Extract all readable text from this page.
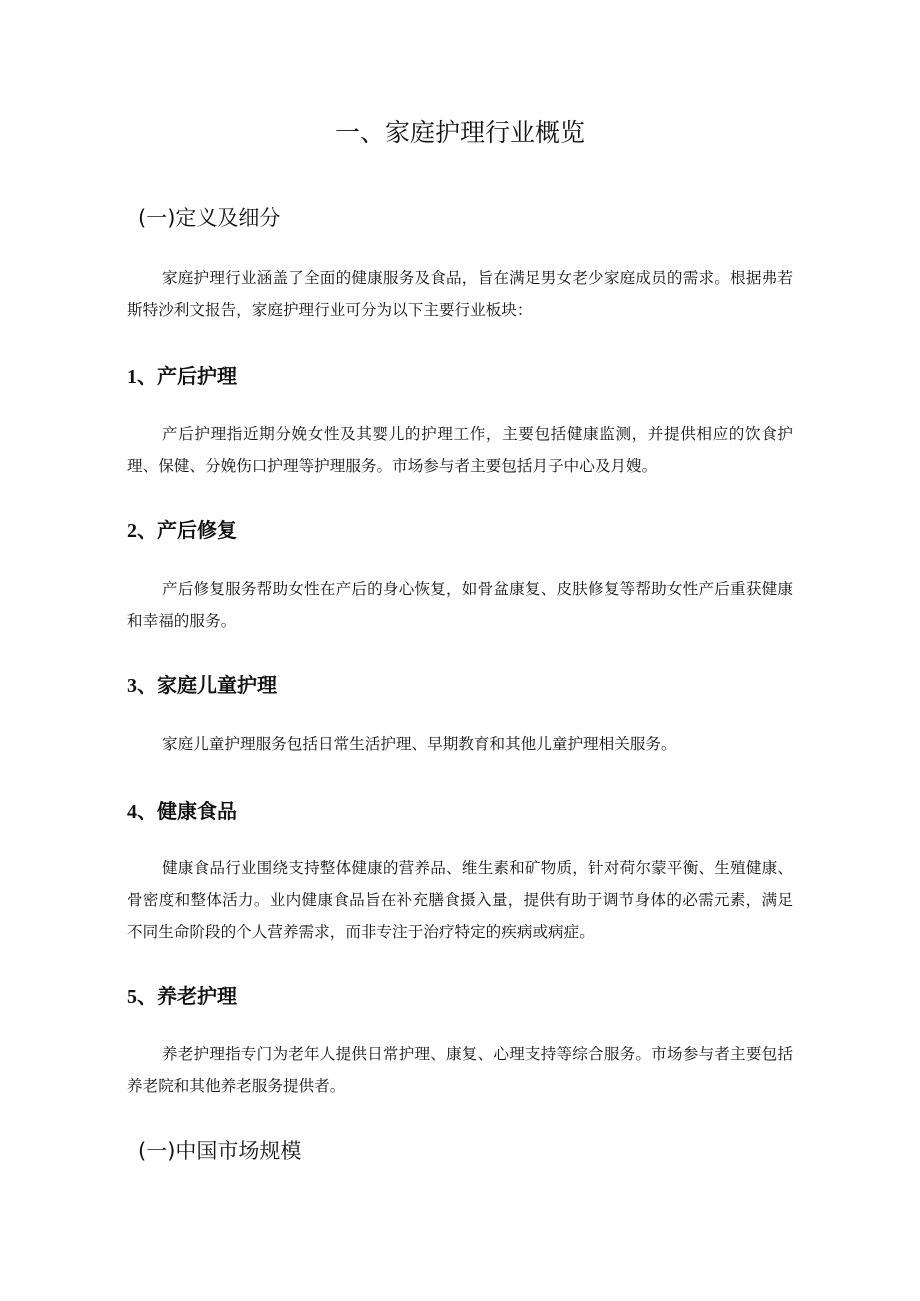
一、家庭护理行业概览
(一)定义及细分

家庭护理行业涵盖了全面的健康服务及食品，旨在满足男女老少家庭成员的需求。根据弗若斯特沙利文报告，家庭护理行业可分为以下主要行业板块：

1、产后护理

产后护理指近期分娩女性及其婴儿的护理工作，主要包括健康监测，并提供相应的饮食护理、保健、分娩伤口护理等护理服务。市场参与者主要包括月子中心及月嫂。

2、产后修复

产后修复服务帮助女性在产后的身心恢复，如骨盆康复、皮肤修复等帮助女性产后重获健康和幸福的服务。

3、家庭儿童护理

家庭儿童护理服务包括日常生活护理、早期教育和其他儿童护理相关服务。

4、健康食品

健康食品行业围绕支持整体健康的营养品、维生素和矿物质，针对荷尔蒙平衡、生殖健康、骨密度和整体活力。业内健康食品旨在补充膳食摄入量，提供有助于调节身体的必需元素，满足不同生命阶段的个人营养需求，而非专注于治疗特定的疾病或病症。

5、养老护理

养老护理指专门为老年人提供日常护理、康复、心理支持等综合服务。市场参与者主要包括养老院和其他养老服务提供者。

(一)中国市场规模
